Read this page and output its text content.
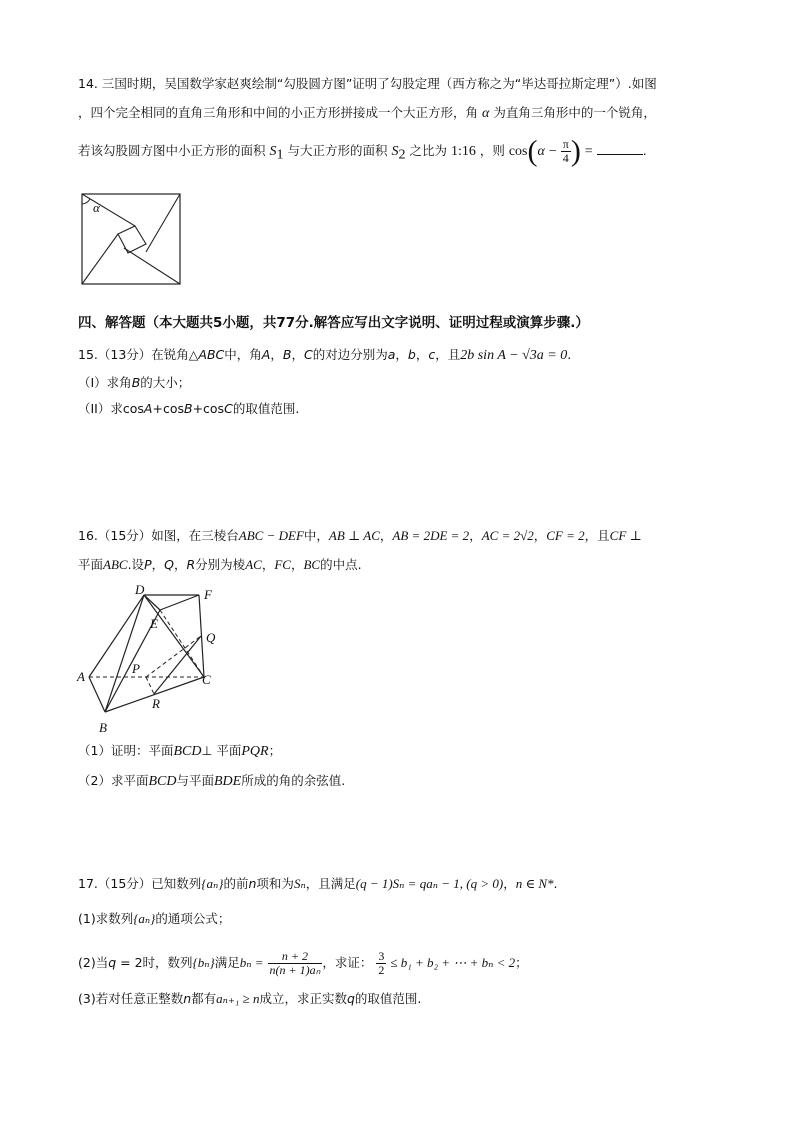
14. 三国时期，吴国数学家赵爽绘制“勾股圆方图”证明了勾股定理（西方称之为“毕达哥拉斯定理”）.如图
，四个完全相同的直角三角形和中间的小正方形拼接成一个大正方形，角 α 为直角三角形中的一个锐角，
若该勾股圆方图中小正方形的面积 $S_1$ 与大正方形的面积 $S_2$ 之比为 1:16 ，则 $\cos(\alpha - \frac{\pi}{4}$ ) =	.
α
四、解答题（本大题共5小题，共77分.解答应写出文字说明、证明过程或演算步骤.）
15.（13分）在锐角△ABC中，角A，B，C的对边分别为a，b，c，且2b sin A − √3a = 0.
（I）求角B的大小；
（II）求cosA+cosB+cosC的取值范围.
16.（15分）如图，在三棱台ABC − DEF中，AB ⊥ AC，AB = 2DE = 2，AC = 2√2，CF = 2，且CF ⊥
平面ABC.设P，Q，R分别为棱AC，FC，BC的中点.
D	F
E
Q
A
P
C
R
B
（1）证明：平面BCD⊥ 平面PQR；
（2）求平面BCD与平面BDE所成的角的余弦值.
17.（15分）已知数列{aₙ}的前n项和为Sₙ，且满足(q − 1)Sₙ = qaₙ − 1, (q > 0)，n ∈ N*.
(1)求数列{aₙ}的通项公式；
(2)当q = 2时，数列{bₙ}满足$b_n = \frac{n + 2}{\text{n(n + 1)aₙ}}$ ，求证： $\frac{3}{2} \le b_1 + b_2$ + ⋯ + bₙ < 2；
(3)若对任意正整数n都有aₙ₊₁ ≥ n成立，求正实数q的取值范围.
